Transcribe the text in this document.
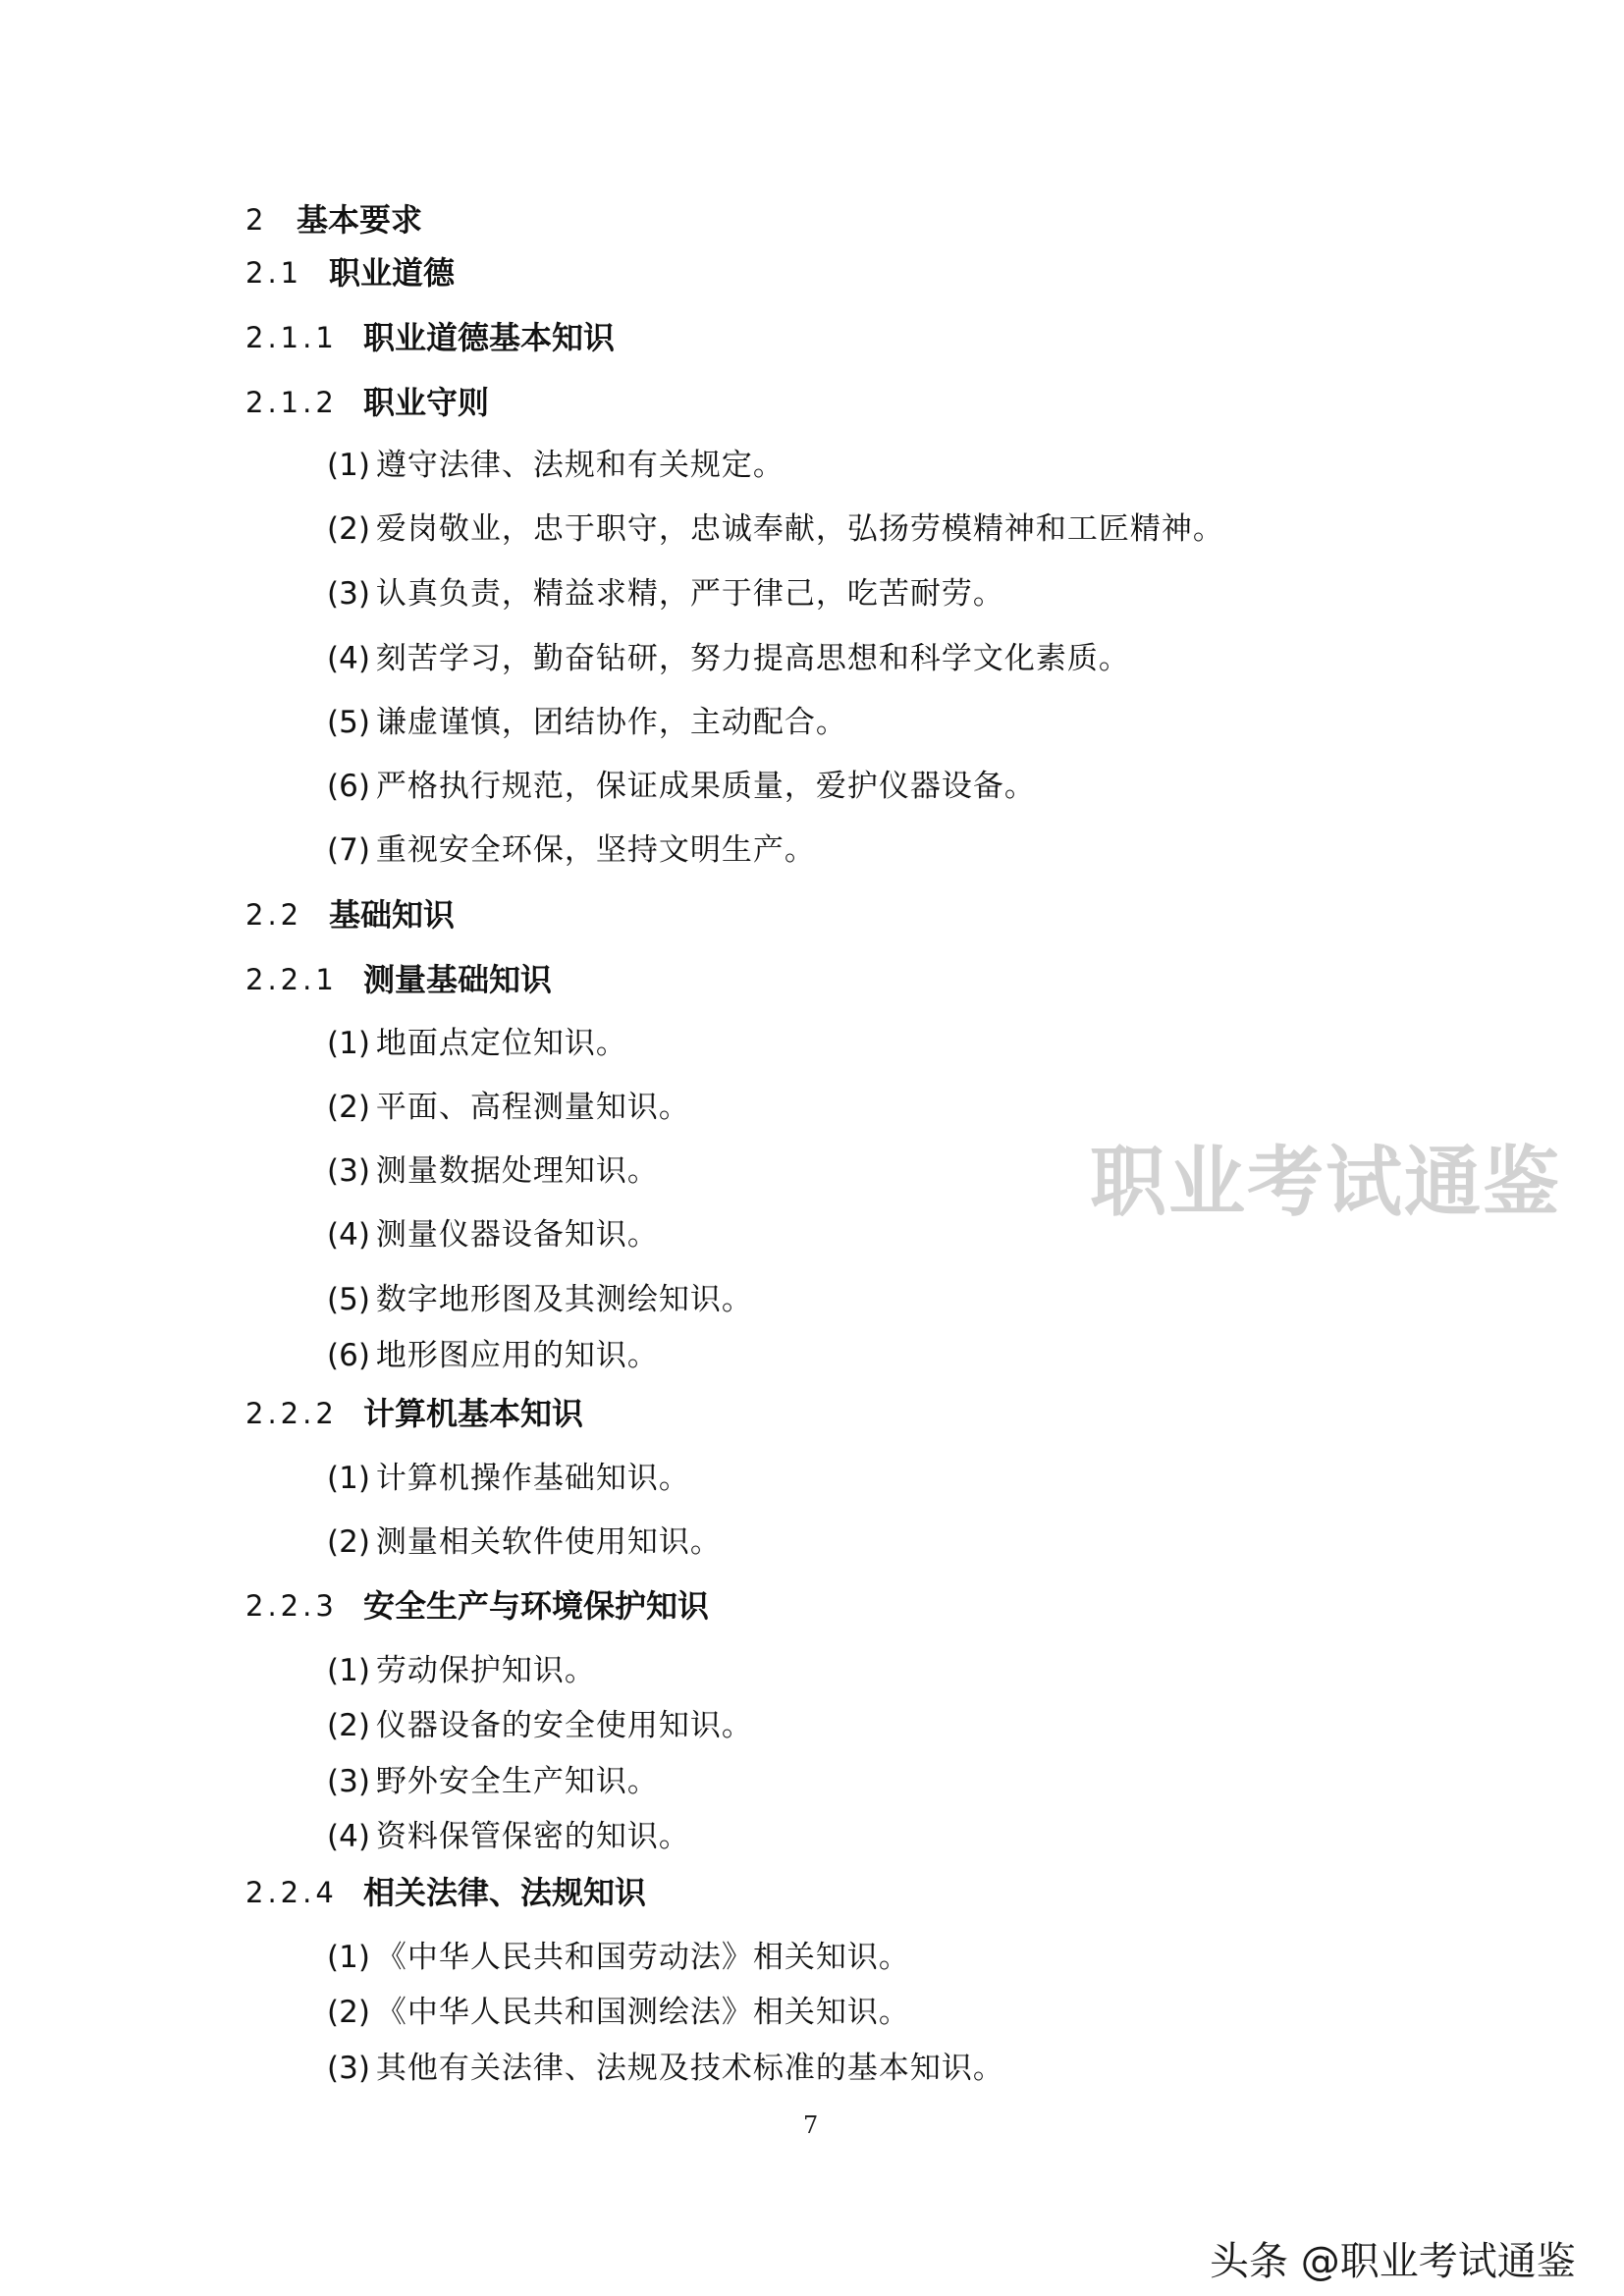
2 基本要求
2.1 职业道德
2.1.1 职业道德基本知识
2.1.2 职业守则
(1) 遵守法律、法规和有关规定。
(2) 爱岗敬业，忠于职守，忠诚奉献，弘扬劳模精神和工匠精神。
(3) 认真负责，精益求精，严于律己，吃苦耐劳。
(4) 刻苦学习，勤奋钻研，努力提高思想和科学文化素质。
(5) 谦虚谨慎，团结协作，主动配合。
(6) 严格执行规范，保证成果质量，爱护仪器设备。
(7) 重视安全环保，坚持文明生产。
2.2 基础知识
2.2.1 测量基础知识
(1) 地面点定位知识。
(2) 平面、高程测量知识。
(3) 测量数据处理知识。
(4) 测量仪器设备知识。
(5) 数字地形图及其测绘知识。
(6) 地形图应用的知识。
2.2.2 计算机基本知识
(1) 计算机操作基础知识。
(2) 测量相关软件使用知识。
2.2.3 安全生产与环境保护知识
(1) 劳动保护知识。
(2) 仪器设备的安全使用知识。
(3) 野外安全生产知识。
(4) 资料保管保密的知识。
2.2.4 相关法律、法规知识
(1) 《中华人民共和国劳动法》相关知识。
(2) 《中华人民共和国测绘法》相关知识。
(3) 其他有关法律、法规及技术标准的基本知识。
职业考试通鉴
7
头条 @职业考试通鉴
